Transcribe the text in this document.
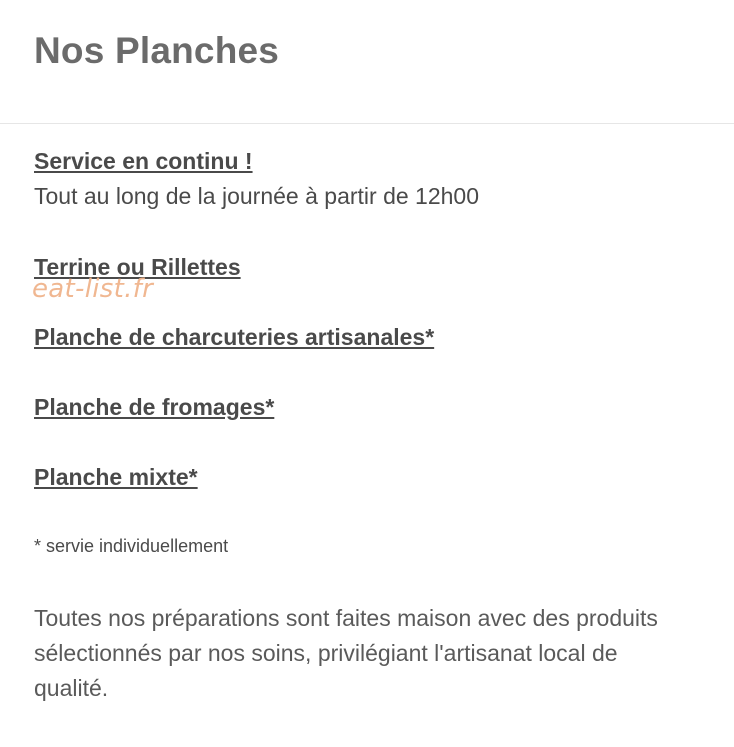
Nos Planches
Service en continu !
Tout au long de la journée à partir de 12h00
Terrine ou Rillettes
Planche de charcuteries artisanales*
Planche de fromages*
Planche mixte*
eat-list.fr
* servie individuellement

Toutes nos préparations sont faites maison avec des produits sélectionnés par nos soins, privilégiant l'artisanat local de qualité.
